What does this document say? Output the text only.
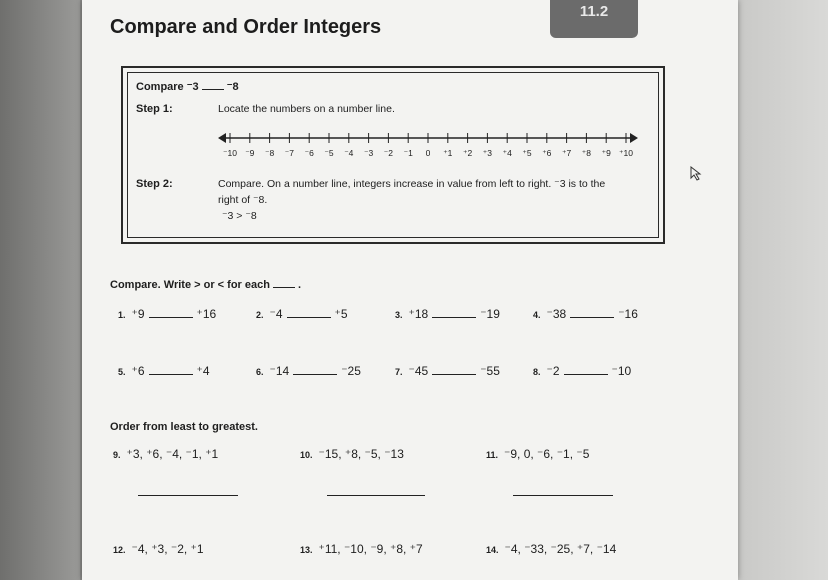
11.2
Compare and Order Integers
Compare ⁻3	⁻8
Step 1:	Locate the numbers on a number line.
⁻10 ⁻9 ⁻8 ⁻7 ⁻6 ⁻5 ⁻4 ⁻3 ⁻2 ⁻1 0 ⁺1 ⁺2 ⁺3 ⁺4 ⁺5 ⁺6 ⁺7 ⁺8 ⁺9 ⁺10
Step 2:	Compare. On a number line, integers increase in value from left to right. ⁻3 is to the
right of ⁻8.
⁻3 > ⁻8
Compare. Write > or < for each	.
1. ⁺9	⁺16	2. ⁻4	⁺5	3. ⁺18	⁻19	4. ⁻38	⁻16
5. ⁺6	⁺4	6. ⁻14	⁻25	7. ⁻45	⁻55	8. ⁻2	⁻10
Order from least to greatest.
9. ⁺3, ⁺6, ⁻4, ⁻1, ⁺1	10. ⁻15, ⁺8, ⁻5, ⁻13	11. ⁻9, 0, ⁻6, ⁻1, ⁻5
12. ⁻4, ⁺3, ⁻2, ⁺1	13. ⁺11, ⁻10, ⁻9, ⁺8, ⁺7	14. ⁻4, ⁻33, ⁻25, ⁺7, ⁻14
